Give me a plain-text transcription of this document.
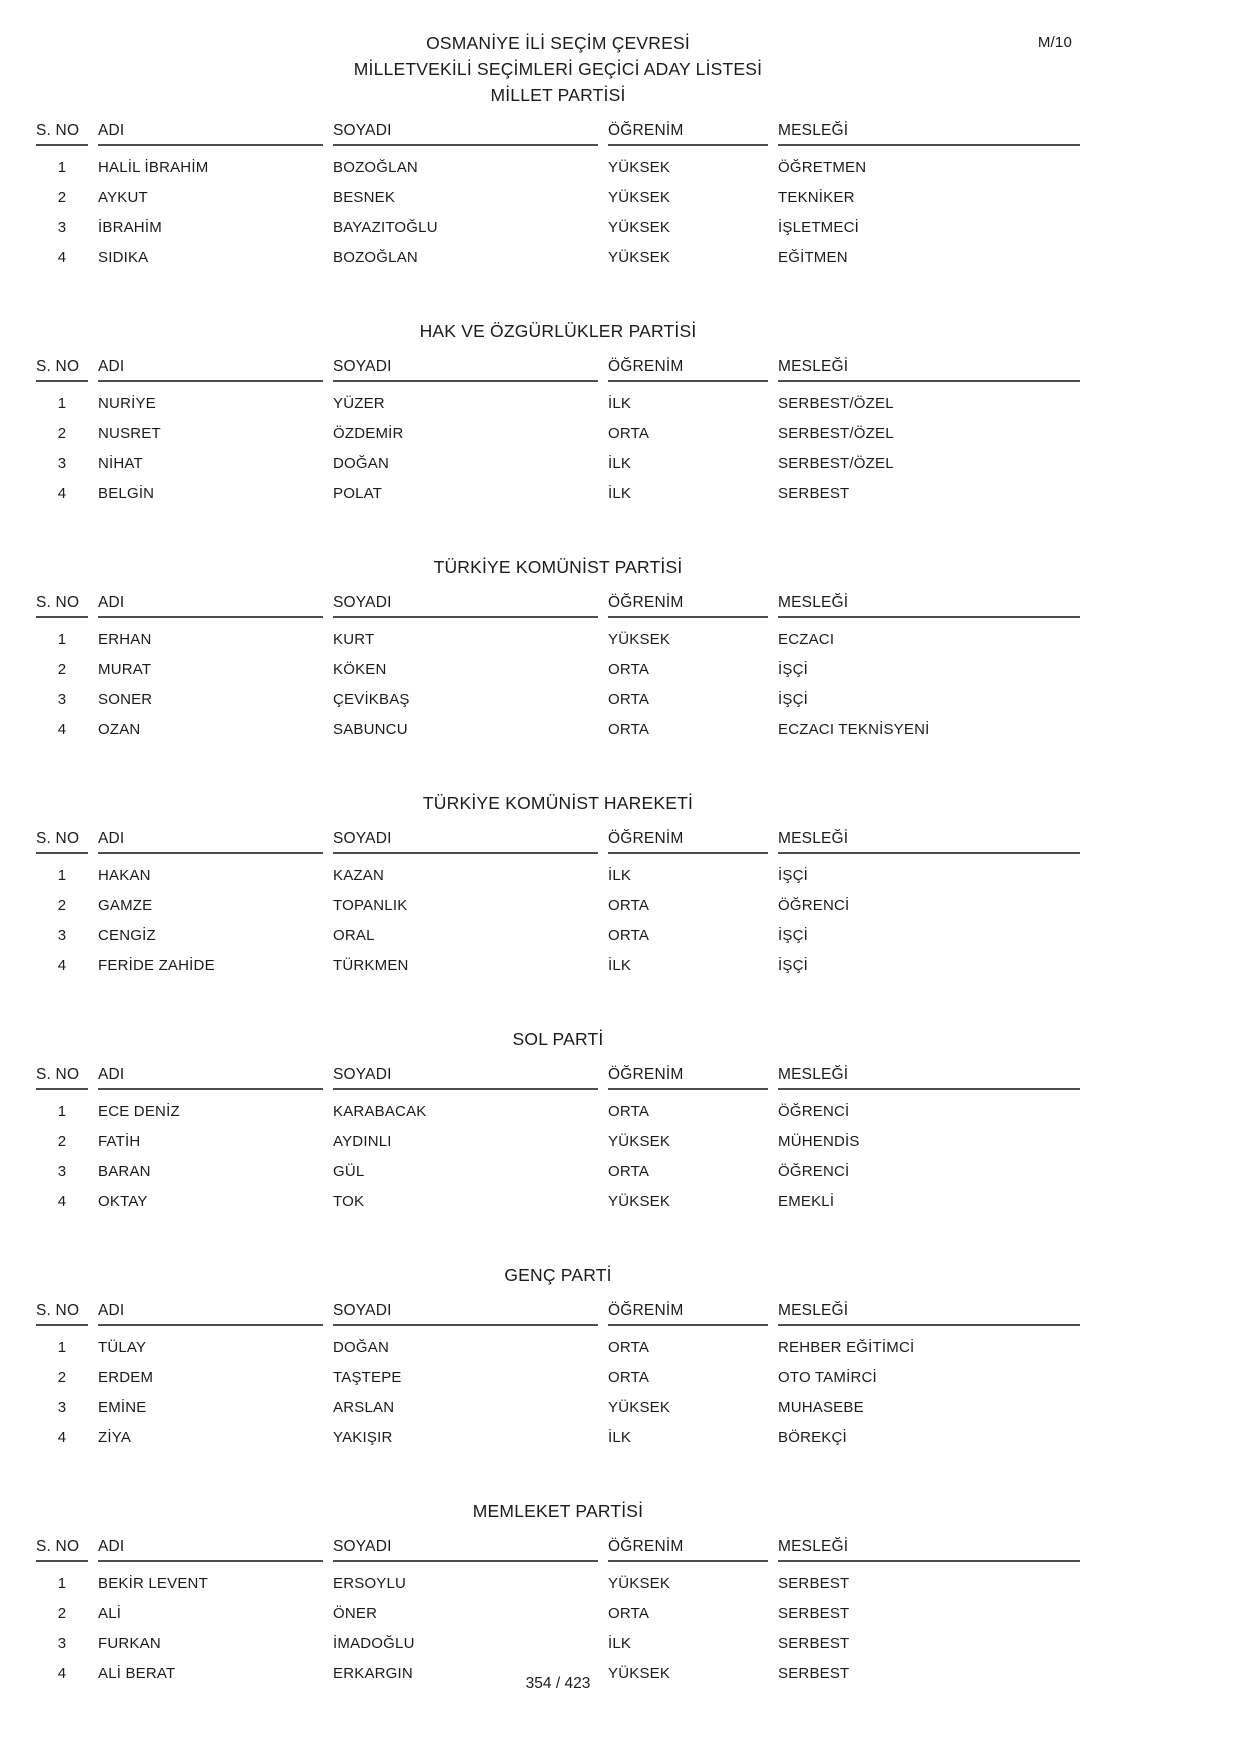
M/10
OSMANİYE İLİ SEÇİM ÇEVRESİ
MİLLETVEKİLİ SEÇİMLERİ GEÇİCİ ADAY LİSTESİ
MİLLET PARTİSİ
S. NO	ADI	SOYADI	ÖĞRENİM	MESLEĞİ
1	HALİL İBRAHİM	BOZOĞLAN	YÜKSEK	ÖĞRETMEN
2	AYKUT	BESNEK	YÜKSEK	TEKNİKER
3	İBRAHİM	BAYAZITOĞLU	YÜKSEK	İŞLETMECİ
4	SIDIKA	BOZOĞLAN	YÜKSEK	EĞİTMEN
HAK VE ÖZGÜRLÜKLER PARTİSİ
S. NO	ADI	SOYADI	ÖĞRENİM	MESLEĞİ
1	NURİYE	YÜZER	İLK	SERBEST/ÖZEL
2	NUSRET	ÖZDEMİR	ORTA	SERBEST/ÖZEL
3	NİHAT	DOĞAN	İLK	SERBEST/ÖZEL
4	BELGİN	POLAT	İLK	SERBEST
TÜRKİYE KOMÜNİST PARTİSİ
S. NO	ADI	SOYADI	ÖĞRENİM	MESLEĞİ
1	ERHAN	KURT	YÜKSEK	ECZACI
2	MURAT	KÖKEN	ORTA	İŞÇİ
3	SONER	ÇEVİKBAŞ	ORTA	İŞÇİ
4	OZAN	SABUNCU	ORTA	ECZACI TEKNİSYENİ
TÜRKİYE KOMÜNİST HAREKETİ
S. NO	ADI	SOYADI	ÖĞRENİM	MESLEĞİ
1	HAKAN	KAZAN	İLK	İŞÇİ
2	GAMZE	TOPANLIK	ORTA	ÖĞRENCİ
3	CENGİZ	ORAL	ORTA	İŞÇİ
4	FERİDE ZAHİDE	TÜRKMEN	İLK	İŞÇİ
SOL PARTİ
S. NO	ADI	SOYADI	ÖĞRENİM	MESLEĞİ
1	ECE DENİZ	KARABACAK	ORTA	ÖĞRENCİ
2	FATİH	AYDINLI	YÜKSEK	MÜHENDİS
3	BARAN	GÜL	ORTA	ÖĞRENCİ
4	OKTAY	TOK	YÜKSEK	EMEKLİ
GENÇ PARTİ
S. NO	ADI	SOYADI	ÖĞRENİM	MESLEĞİ
1	TÜLAY	DOĞAN	ORTA	REHBER EĞİTİMCİ
2	ERDEM	TAŞTEPE	ORTA	OTO TAMİRCİ
3	EMİNE	ARSLAN	YÜKSEK	MUHASEBE
4	ZİYA	YAKIŞIR	İLK	BÖREKÇİ
MEMLEKET PARTİSİ
S. NO	ADI	SOYADI	ÖĞRENİM	MESLEĞİ
1	BEKİR LEVENT	ERSOYLU	YÜKSEK	SERBEST
2	ALİ	ÖNER	ORTA	SERBEST
3	FURKAN	İMADOĞLU	İLK	SERBEST
4	ALİ BERAT	ERKARGIN	YÜKSEK	SERBEST
354 / 423
